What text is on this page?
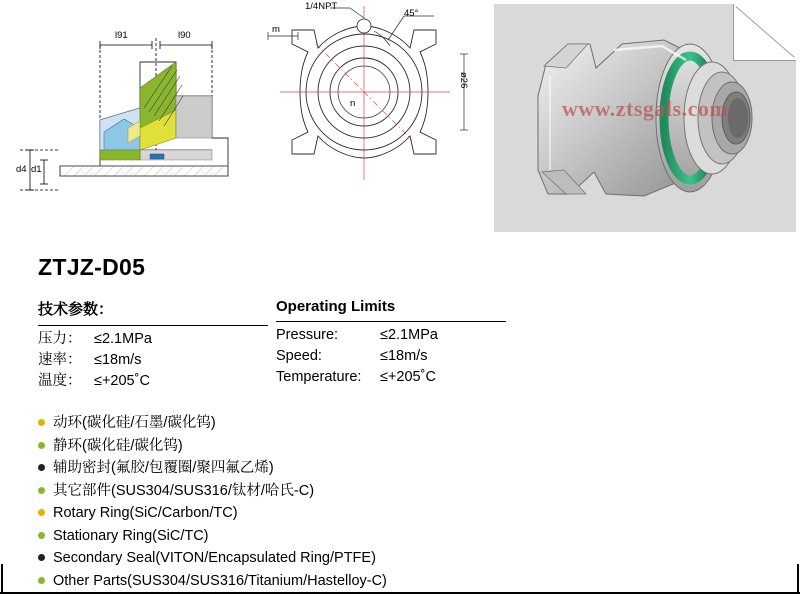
l91	l90
d4 d1
1/4NPT
45°
m
n
ø26
www.ztsgals.com
ZTJZ-D05
技术参数：
压力： ≤2.1MPa
速率： ≤18m/s
温度： ≤+205˚C
Operating Limits
Pressure:	≤2.1MPa
Speed:	≤18m/s
Temperature:	≤+205˚C
动环(碳化硅/石墨/碳化钨)
静环(碳化硅/碳化钨)
辅助密封(氟胶/包覆圈/聚四氟乙烯)
其它部件(SUS304/SUS316/钛材/哈氏-C)
Rotary Ring(SiC/Carbon/TC)
Stationary Ring(SiC/TC)
Secondary Seal(VITON/Encapsulated Ring/PTFE)
Other Parts(SUS304/SUS316/Titanium/Hastelloy-C)
